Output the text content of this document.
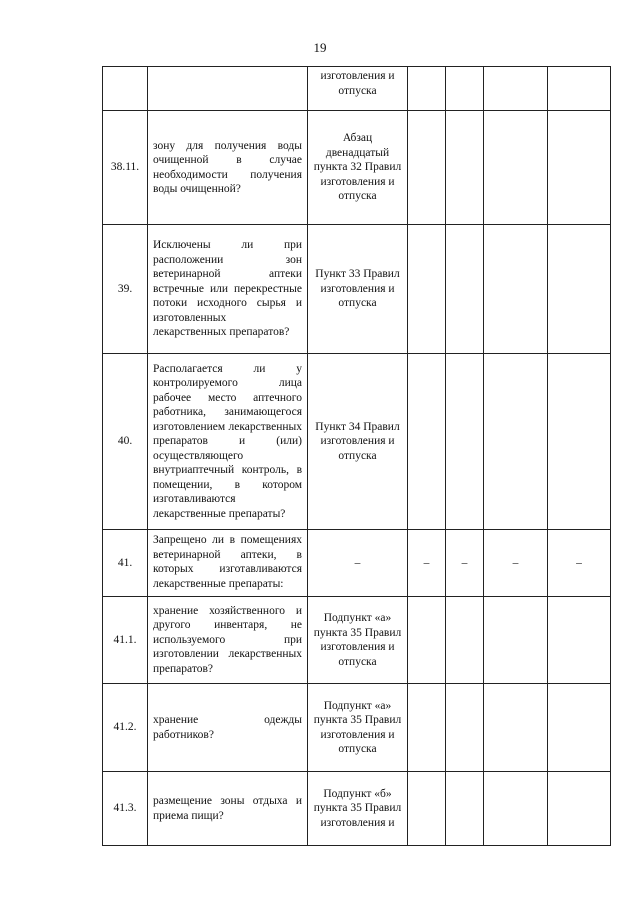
19
		изготовления и отпуска				
38.11.	зону для получения воды очищенной в случае необходимости получения воды очищенной?	Абзац двенадцатый пункта 32 Правил изготовления и отпуска				
39.	Исключены ли при расположении зон ветеринарной аптеки встречные или перекрестные потоки исходного сырья и изготовленных лекарственных препаратов?	Пункт 33 Правил изготовления и отпуска				
40.	Располагается ли у контролируемого лица рабочее место аптечного работника, занимающегося изготовлением лекарственных препаратов и (или) осуществляющего внутриаптечный контроль, в помещении, в котором изготавливаются лекарственные препараты?	Пункт 34 Правил изготовления и отпуска				
41.	Запрещено ли в помещениях ветеринарной аптеки, в которых изготавливаются лекарственные препараты:	–	–	–	–	–
41.1.	хранение хозяйственного и другого инвентаря, не используемого при изготовлении лекарственных препаратов?	Подпункт «а» пункта 35 Правил изготовления и отпуска				
41.2.	хранение одежды работников?	Подпункт «а» пункта 35 Правил изготовления и отпуска				
41.3.	размещение зоны отдыха и приема пищи?	Подпункт «б» пункта 35 Правил изготовления и				
